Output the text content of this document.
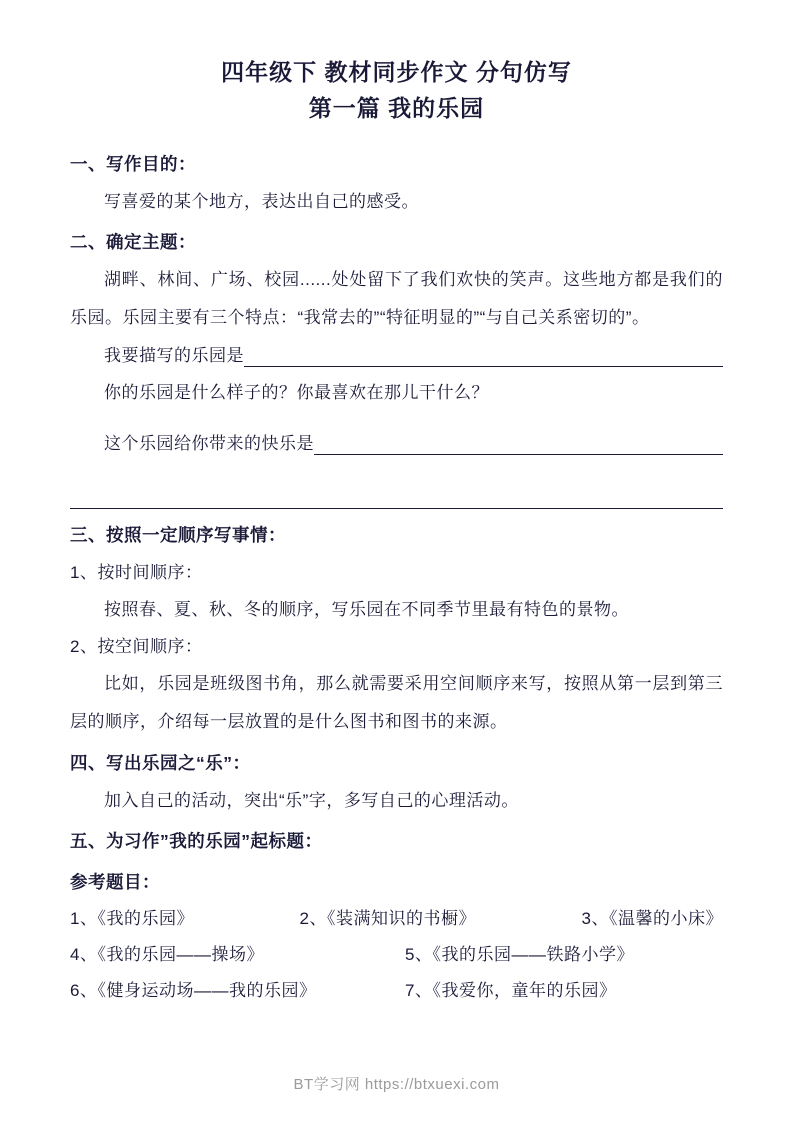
四年级下 教材同步作文 分句仿写
第一篇 我的乐园
一、写作目的：
写喜爱的某个地方，表达出自己的感受。
二、确定主题：
湖畔、林间、广场、校园......处处留下了我们欢快的笑声。这些地方都是我们的乐园。乐园主要有三个特点：“我常去的”“特征明显的”“与自己关系密切的”。
我要描写的乐园是
你的乐园是什么样子的？你最喜欢在那儿干什么？
这个乐园给你带来的快乐是
三、按照一定顺序写事情：
1、按时间顺序：
按照春、夏、秋、冬的顺序，写乐园在不同季节里最有特色的景物。
2、按空间顺序：
比如，乐园是班级图书角，那么就需要采用空间顺序来写，按照从第一层到第三层的顺序，介绍每一层放置的是什么图书和图书的来源。
四、写出乐园之“乐”：
加入自己的活动，突出“乐”字，多写自己的心理活动。
五、为习作”我的乐园”起标题：
参考题目：
1、《我的乐园》	2、《装满知识的书橱》	3、《温馨的小床》
4、《我的乐园——操场》	5、《我的乐园——铁路小学》
6、《健身运动场——我的乐园》	7、《我爱你，童年的乐园》
BT学习网 https://btxuexi.com
